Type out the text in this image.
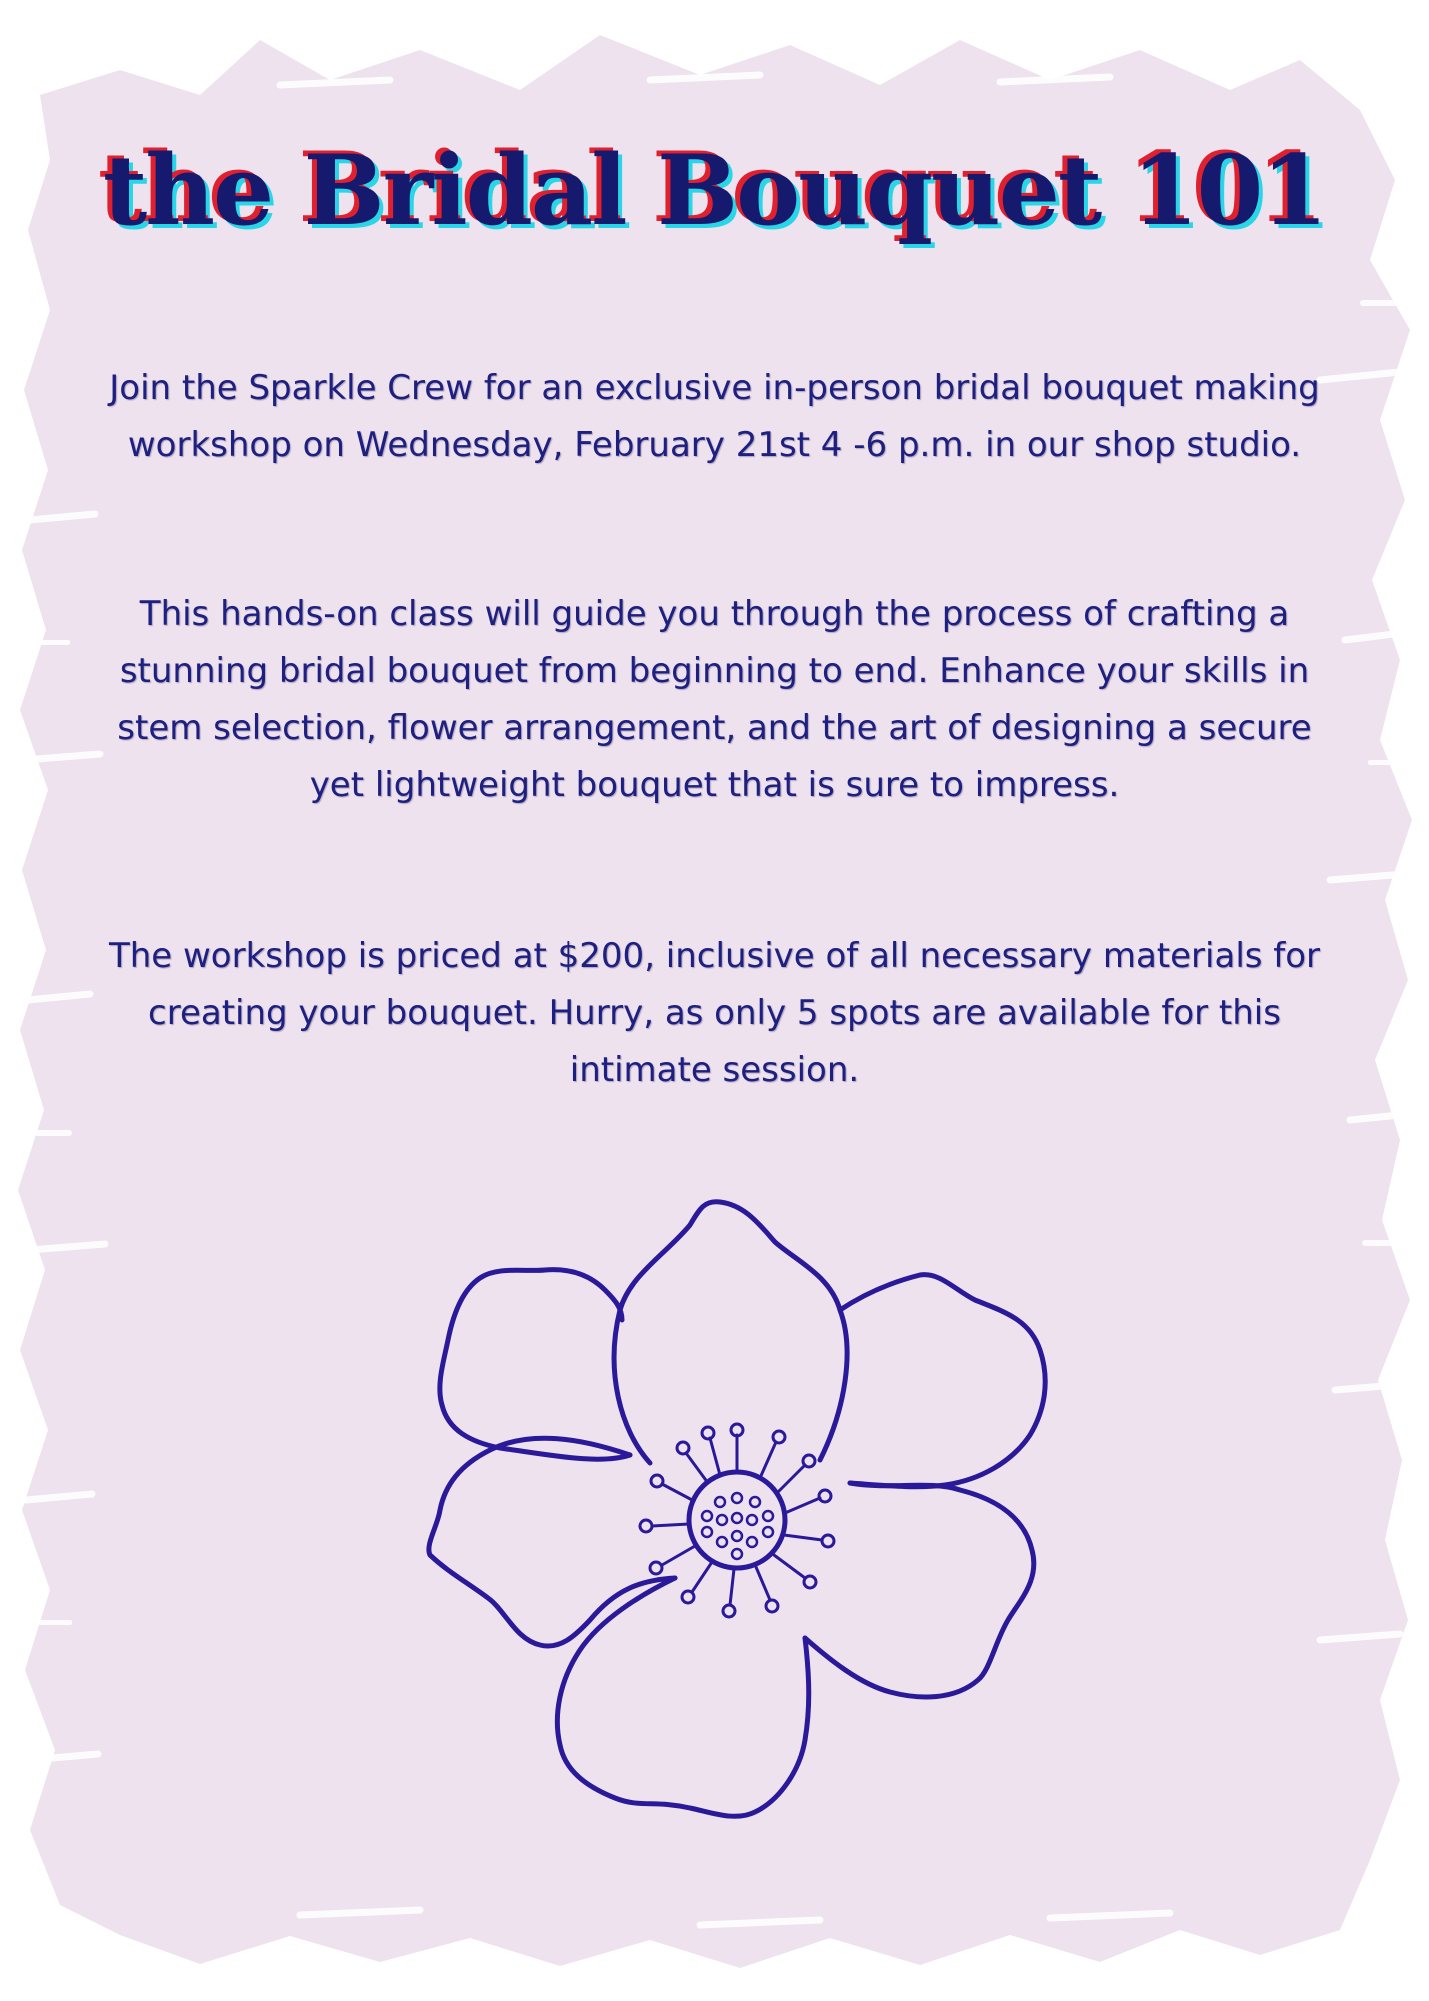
the Bridal Bouquet 101

Join the Sparkle Crew for an exclusive in-person bridal bouquet making workshop on Wednesday, February 21st 4 -6 p.m. in our shop studio.

This hands-on class will guide you through the process of crafting a stunning bridal bouquet from beginning to end. Enhance your skills in stem selection, flower arrangement, and the art of designing a secure yet lightweight bouquet that is sure to impress.

The workshop is priced at $200, inclusive of all necessary materials for creating your bouquet. Hurry, as only 5 spots are available for this intimate session.
